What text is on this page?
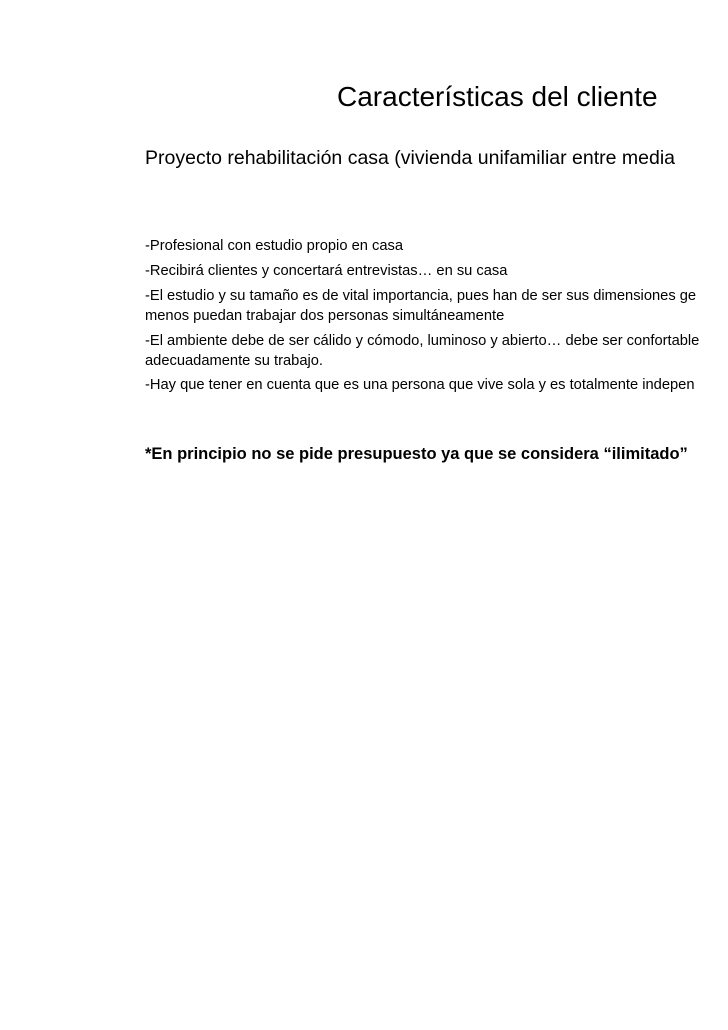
Características del cliente

Proyecto rehabilitación casa (vivienda unifamiliar entre media

-Profesional con estudio propio en casa
-Recibirá clientes y concertará entrevistas… en su casa
-El estudio y su tamaño es de vital importancia, pues han de ser sus dimensiones ge
menos puedan trabajar dos personas simultáneamente
-El ambiente debe de ser cálido y cómodo, luminoso y abierto… debe ser confortable
adecuadamente su trabajo.
-Hay que tener en cuenta que es una persona que vive sola y es totalmente indepen

*En principio no se pide presupuesto ya que se considera “ilimitado”
